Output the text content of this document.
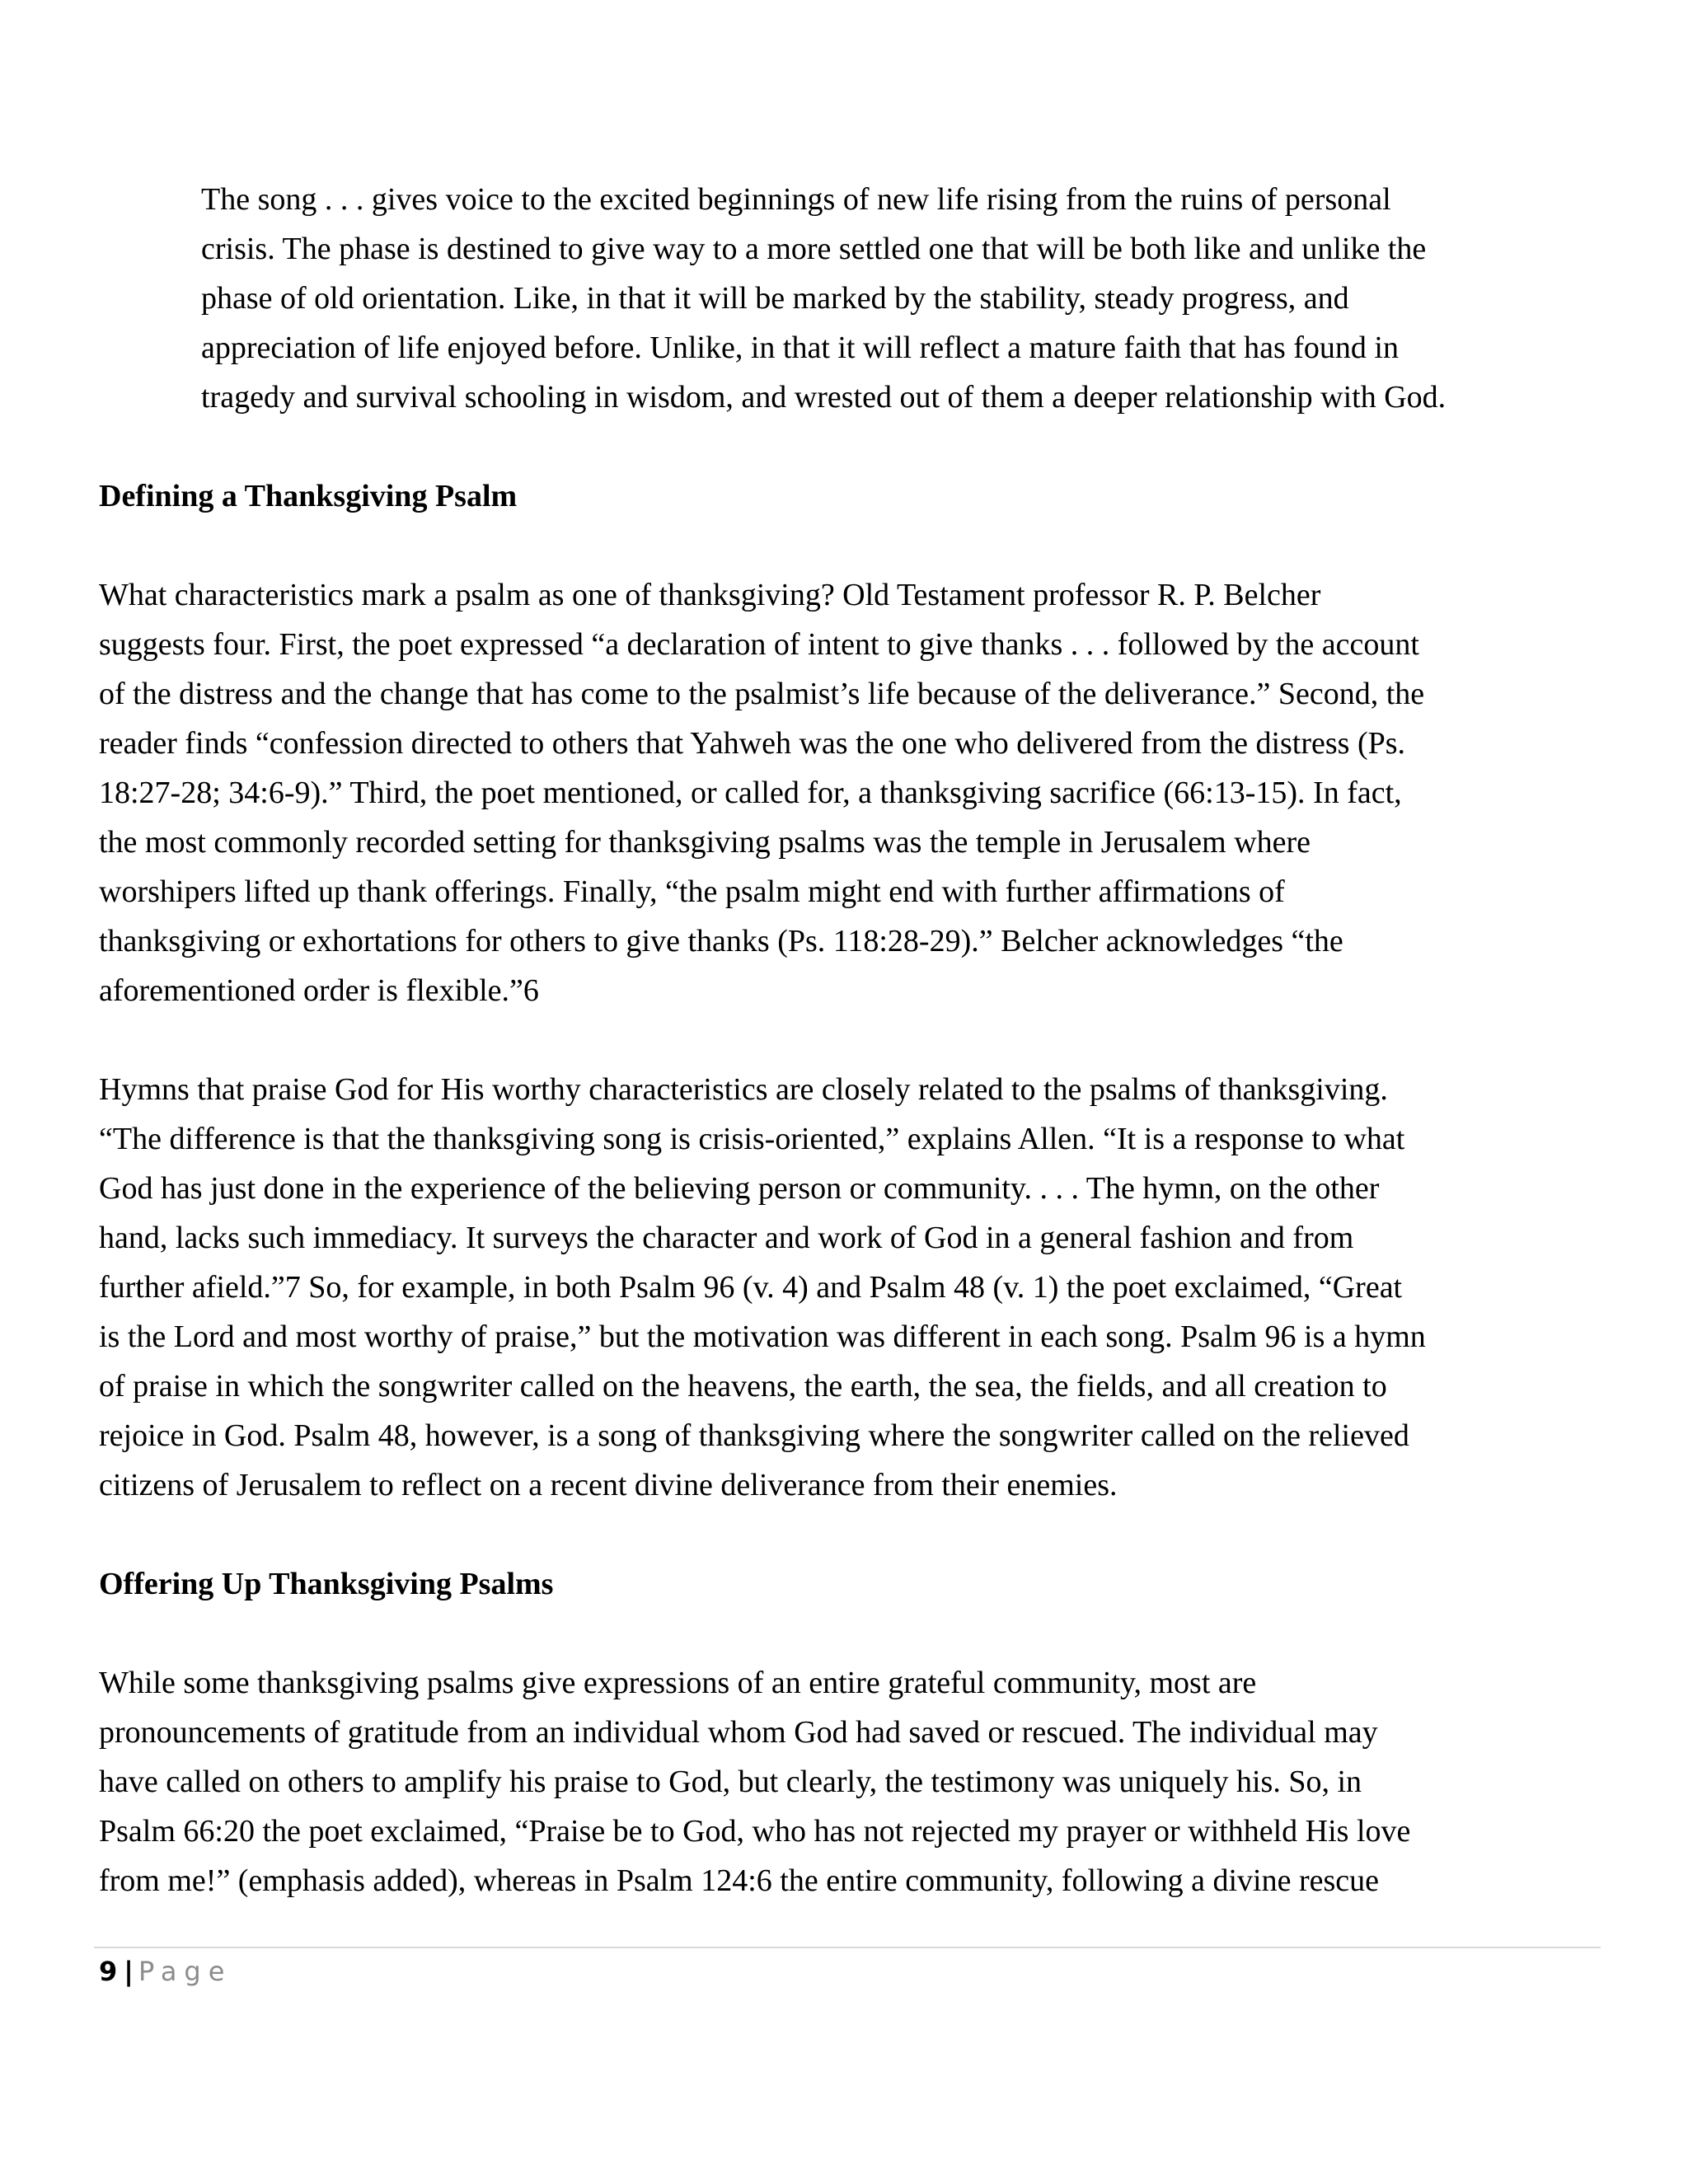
The song . . . gives voice to the excited beginnings of new life rising from the ruins of personal

crisis. The phase is destined to give way to a more settled one that will be both like and unlike the

phase of old orientation. Like, in that it will be marked by the stability, steady progress, and

appreciation of life enjoyed before. Unlike, in that it will reflect a mature faith that has found in

tragedy and survival schooling in wisdom, and wrested out of them a deeper relationship with God.

Defining a Thanksgiving Psalm

What characteristics mark a psalm as one of thanksgiving? Old Testament professor R. P. Belcher

suggests four. First, the poet expressed “a declaration of intent to give thanks . . . followed by the account

of the distress and the change that has come to the psalmist’s life because of the deliverance.” Second, the

reader finds “confession directed to others that Yahweh was the one who delivered from the distress (Ps.

18:27-28; 34:6-9).” Third, the poet mentioned, or called for, a thanksgiving sacrifice (66:13-15). In fact,

the most commonly recorded setting for thanksgiving psalms was the temple in Jerusalem where

worshipers lifted up thank offerings. Finally, “the psalm might end with further affirmations of

thanksgiving or exhortations for others to give thanks (Ps. 118:28-29).” Belcher acknowledges “the

aforementioned order is flexible.”6

Hymns that praise God for His worthy characteristics are closely related to the psalms of thanksgiving.

“The difference is that the thanksgiving song is crisis-oriented,” explains Allen. “It is a response to what

God has just done in the experience of the believing person or community. . . . The hymn, on the other

hand, lacks such immediacy. It surveys the character and work of God in a general fashion and from

further afield.”7 So, for example, in both Psalm 96 (v. 4) and Psalm 48 (v. 1) the poet exclaimed, “Great

is the Lord and most worthy of praise,” but the motivation was different in each song. Psalm 96 is a hymn

of praise in which the songwriter called on the heavens, the earth, the sea, the fields, and all creation to

rejoice in God. Psalm 48, however, is a song of thanksgiving where the songwriter called on the relieved

citizens of Jerusalem to reflect on a recent divine deliverance from their enemies.

Offering Up Thanksgiving Psalms

While some thanksgiving psalms give expressions of an entire grateful community, most are

pronouncements of gratitude from an individual whom God had saved or rescued. The individual may

have called on others to amplify his praise to God, but clearly, the testimony was uniquely his. So, in

Psalm 66:20 the poet exclaimed, “Praise be to God, who has not rejected my prayer or withheld His love

from me!” (emphasis added), whereas in Psalm 124:6 the entire community, following a divine rescue

9 | Page
